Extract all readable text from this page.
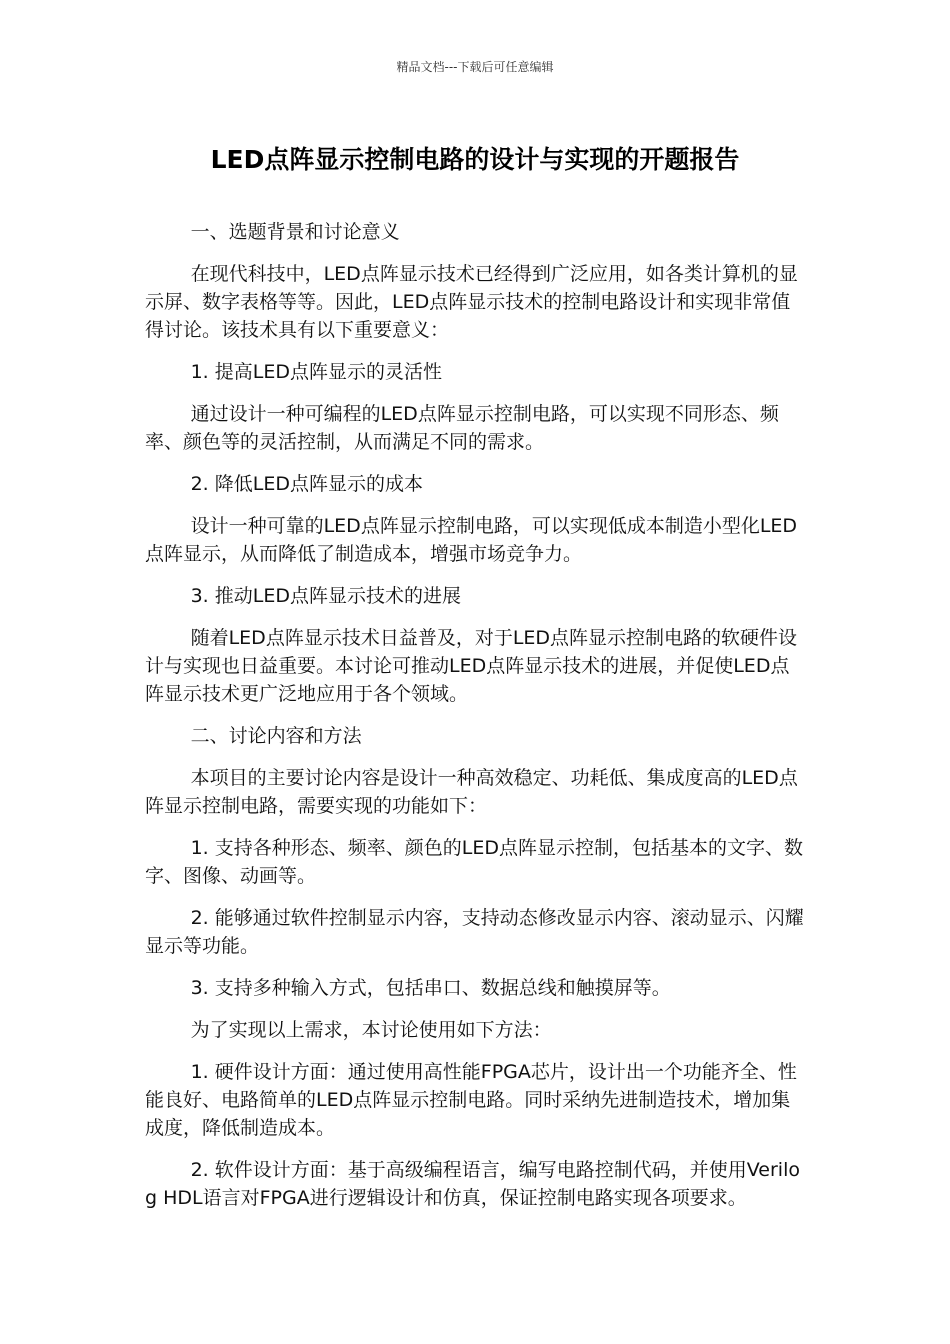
精品文档---下载后可任意编辑
LED点阵显示控制电路的设计与实现的开题报告

一、选题背景和讨论意义

在现代科技中，LED点阵显示技术已经得到广泛应用，如各类计算机的显示屏、数字表格等等。因此，LED点阵显示技术的控制电路设计和实现非常值得讨论。该技术具有以下重要意义：

1. 提高LED点阵显示的灵活性

通过设计一种可编程的LED点阵显示控制电路，可以实现不同形态、频率、颜色等的灵活控制，从而满足不同的需求。

2. 降低LED点阵显示的成本

设计一种可靠的LED点阵显示控制电路，可以实现低成本制造小型化LED点阵显示，从而降低了制造成本，增强市场竞争力。

3. 推动LED点阵显示技术的进展

随着LED点阵显示技术日益普及，对于LED点阵显示控制电路的软硬件设计与实现也日益重要。本讨论可推动LED点阵显示技术的进展，并促使LED点阵显示技术更广泛地应用于各个领域。

二、讨论内容和方法

本项目的主要讨论内容是设计一种高效稳定、功耗低、集成度高的LED点阵显示控制电路，需要实现的功能如下：

1. 支持各种形态、频率、颜色的LED点阵显示控制，包括基本的文字、数字、图像、动画等。

2. 能够通过软件控制显示内容，支持动态修改显示内容、滚动显示、闪耀显示等功能。

3. 支持多种输入方式，包括串口、数据总线和触摸屏等。

为了实现以上需求，本讨论使用如下方法：

1. 硬件设计方面：通过使用高性能FPGA芯片，设计出一个功能齐全、性能良好、电路简单的LED点阵显示控制电路。同时采纳先进制造技术，增加集成度，降低制造成本。

2. 软件设计方面：基于高级编程语言，编写电路控制代码，并使用Verilog HDL语言对FPGA进行逻辑设计和仿真，保证控制电路实现各项要求。
